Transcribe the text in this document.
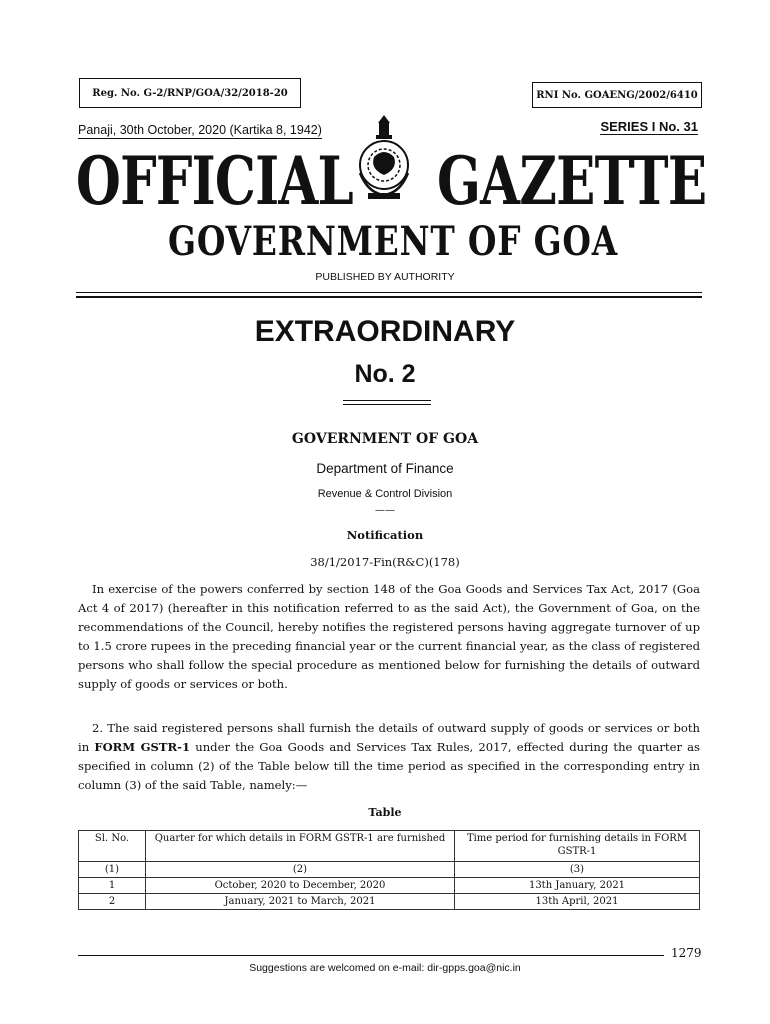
Reg. No. G-2/RNP/GOA/32/2018-20	RNI No. GOAENG/2002/6410
Panaji, 30th October, 2020 (Kartika 8, 1942)	SERIES I No. 31
OFFICIAL GAZETTE
GOVERNMENT OF GOA
PUBLISHED BY AUTHORITY
EXTRAORDINARY
No. 2
GOVERNMENT OF GOA
Department of Finance
Revenue & Control Division
——
Notification
38/1/2017-Fin(R&C)(178)
In exercise of the powers conferred by section 148 of the Goa Goods and Services Tax Act, 2017 (Goa Act 4 of 2017) (hereafter in this notification referred to as the said Act), the Government of Goa, on the recommendations of the Council, hereby notifies the registered persons having aggregate turnover of up to 1.5 crore rupees in the preceding financial year or the current financial year, as the class of registered persons who shall follow the special procedure as mentioned below for furnishing the details of outward supply of goods or services or both.
2. The said registered persons shall furnish the details of outward supply of goods or services or both in FORM GSTR-1 under the Goa Goods and Services Tax Rules, 2017, effected during the quarter as specified in column (2) of the Table below till the time period as specified in the corresponding entry in column (3) of the said Table, namely:—
Table
Sl. No.	Quarter for which details in FORM GSTR-1 are furnished	Time period for furnishing details in FORM GSTR-1
(1)	(2)	(3)
1	October, 2020 to December, 2020	13th January, 2021
2	January, 2021 to March, 2021	13th April, 2021
1279
Suggestions are welcomed on e-mail: dir-gpps.goa@nic.in
